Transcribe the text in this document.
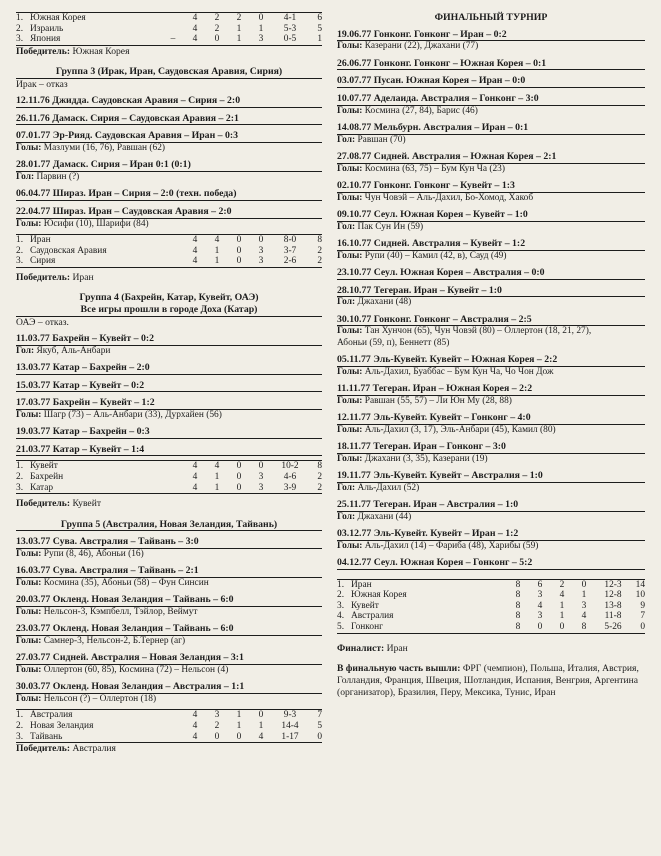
1.	Южная Корея		4	2	2	0	4-1	6
2.	Израиль		4	2	1	1	5-3	5
3.	Япония	–	4	0	1	3	0-5	1
Победитель: Южная Корея
Группа 3 (Ирак, Иран, Саудовская Аравия, Сирия)
Ирак – отказ
12.11.76 Джидда. Саудовская Аравия – Сирия – 2:0
26.11.76 Дамаск. Сирия – Саудовская Аравия – 2:1
07.01.77 Эр-Рияд. Саудовская Аравия – Иран – 0:3
Голы: Мазлуми (16, 76), Равшан (62)
28.01.77 Дамаск. Сирия – Иран 0:1 (0:1)
Гол: Парвин (?)
06.04.77 Шираз. Иран – Сирия – 2:0 (техн. победа)
22.04.77 Шираз. Иран – Саудовская Аравия – 2:0
Голы: Юсифи (10), Шарифи (84)
1.	Иран		4	4	0	0	8-0	8
2.	Саудовская Аравия		4	1	0	3	3-7	2
3.	Сирия		4	1	0	3	2-6	2
Победитель: Иран
Группа 4 (Бахрейн, Катар, Кувейт, ОАЭ)
Все игры прошли в городе Доха (Катар)
ОАЭ – отказ.
11.03.77 Бахрейн – Кувейт – 0:2
Гол: Якуб, Аль-Анбари
13.03.77 Катар – Бахрейн – 2:0
15.03.77 Катар – Кувейт – 0:2
17.03.77 Бахрейн – Кувейт – 1:2
Голы: Шагр (73) – Аль-Анбари (33), Дурхайен (56)
19.03.77 Катар – Бахрейн – 0:3
21.03.77 Катар – Кувейт – 1:4
1.	Кувейт		4	4	0	0	10-2	8
2.	Бахрейн		4	1	0	3	4-6	2
3.	Катар		4	1	0	3	3-9	2
Победитель: Кувейт
Группа 5 (Австралия, Новая Зеландия, Тайвань)
13.03.77 Сува. Австралия – Тайвань – 3:0
Голы: Рупи (8, 46), Абоньи (16)
16.03.77 Сува. Австралия – Тайвань – 2:1
Голы: Космина (35), Абоньи (58) – Фун Синсин
20.03.77 Окленд. Новая Зеландия – Тайвань – 6:0
Голы: Нельсон-3, Кэмпбелл, Тэйлор, Веймут
23.03.77 Окленд. Новая Зеландия – Тайвань – 6:0
Голы: Самнер-3, Нельсон-2, Б.Тернер (аг)
27.03.77 Сидней. Австралия – Новая Зеландия – 3:1
Голы: Оллертон (60, 85), Космина (72) – Нельсон (4)
30.03.77 Окленд. Новая Зеландия – Австралия – 1:1
Голы: Нельсон (?) – Оллертон (18)
1.	Австралия		4	3	1	0	9-3	7
2.	Новая Зеландия		4	2	1	1	14-4	5
3.	Тайвань		4	0	0	4	1-17	0
Победитель: Австралия
ФИНАЛЬНЫЙ ТУРНИР
19.06.77 Гонконг. Гонконг – Иран – 0:2
Голы: Казерани (22), Джахани (77)
26.06.77 Гонконг. Гонконг – Южная Корея – 0:1
03.07.77 Пусан. Южная Корея – Иран – 0:0
10.07.77 Аделаида. Австралия – Гонконг – 3:0
Голы: Космина (27, 84), Барис (46)
14.08.77 Мельбурн. Австралия – Иран – 0:1
Гол: Равшан (70)
27.08.77 Сидней. Австралия – Южная Корея – 2:1
Голы: Космина (63, 75) – Бум Кун Ча (23)
02.10.77 Гонконг. Гонконг – Кувейт – 1:3
Голы: Чун Човэй – Аль-Дахил, Бо-Хомод, Хакоб
09.10.77 Сеул. Южная Корея – Кувейт – 1:0
Гол: Пак Сун Ин (59)
16.10.77 Сидней. Австралия – Кувейт – 1:2
Голы: Рупи (40) – Камил (42, в), Сауд (49)
23.10.77 Сеул. Южная Корея – Австралия – 0:0
28.10.77 Тегеран. Иран – Кувейт – 1:0
Гол: Джахани (48)
30.10.77 Гонконг. Гонконг – Австралия – 2:5
Голы: Тан Хунчон (65), Чун Човэй (80) – Оллертон (18, 21, 27),
Абоньи (59, п), Беннетт (85)
05.11.77 Эль-Кувейт. Кувейт – Южная Корея – 2:2
Голы: Аль-Дахил, Буаббас – Бум Кун Ча, Чо Чон Дож
11.11.77 Тегеран. Иран – Южная Корея – 2:2
Голы: Равшан (55, 57) – Ли Юн Му (28, 88)
12.11.77 Эль-Кувейт. Кувейт – Гонконг – 4:0
Голы: Аль-Дахил (3, 17), Эль-Анбари (45), Камил (80)
18.11.77 Тегеран. Иран – Гонконг – 3:0
Голы: Джахани (3, 35), Казерани (19)
19.11.77 Эль-Кувейт. Кувейт – Австралия – 1:0
Гол: Аль-Дахил (52)
25.11.77 Тегеран. Иран – Австралия – 1:0
Гол: Джахани (44)
03.12.77 Эль-Кувейт. Кувейт – Иран – 1:2
Голы: Аль-Дахил (14) – Фариба (48), Харибы (59)
04.12.77 Сеул. Южная Корея – Гонконг – 5:2
1.	Иран		8	6	2	0	12-3	14
2.	Южная Корея		8	3	4	1	12-8	10
3.	Кувейт		8	4	1	3	13-8	9
4.	Австралия		8	3	1	4	11-8	7
5.	Гонконг		8	0	0	8	5-26	0
Финалист: Иран
В финальную часть вышли: ФРГ (чемпион), Польша, Италия, Австрия, Голландия, Франция, Швеция, Шотландия, Испания, Венгрия, Аргентина (организатор), Бразилия, Перу, Мексика, Тунис, Иран
